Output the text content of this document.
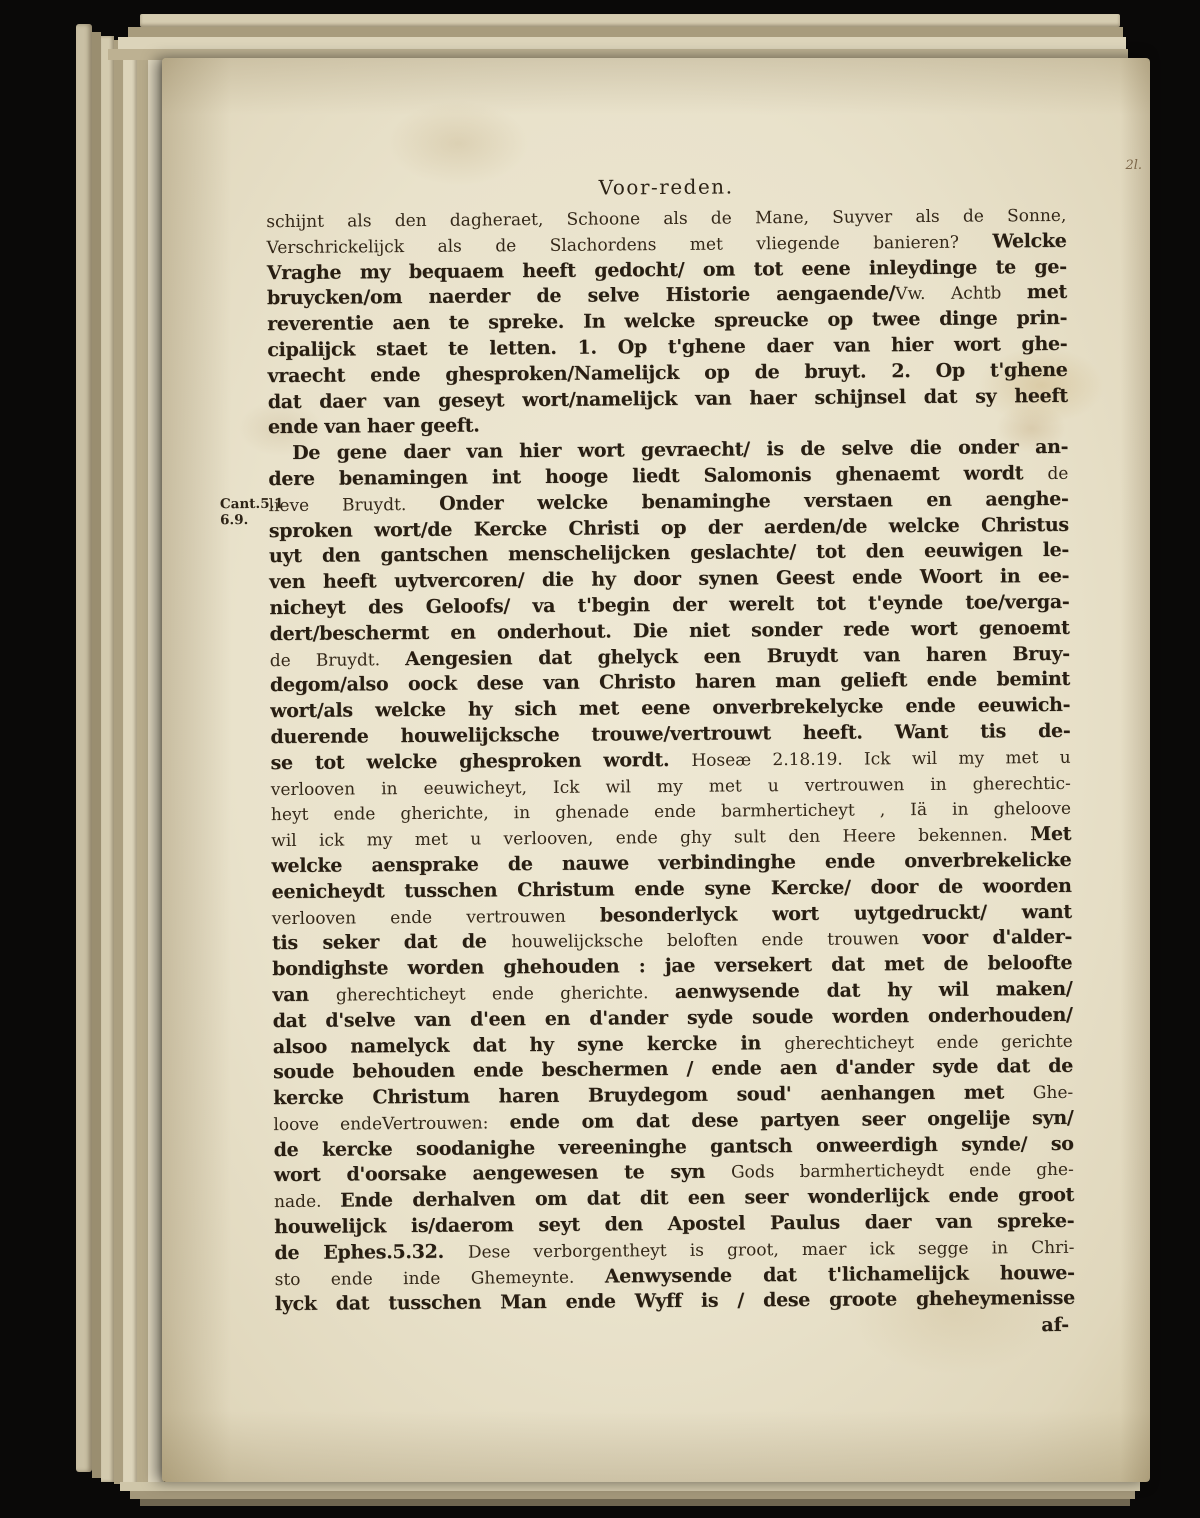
2l.
Cant.5.1
6.9.
Voor-reden.
schijnt als den dagheraet, Schoone als de Mane, Suyver als de Sonne,
Verschrickelijck als de Slachordens met vliegende banieren? Welcke
Vraghe my bequaem heeft gedocht/ om tot eene inleydinge te ge-
bruycken/om naerder de selve Historie aengaende/Vw. Achtb met
reverentie aen te spreke. In welcke spreucke op twee dinge prin-
cipalijck staet te letten. 1. Op t'ghene daer van hier wort ghe-
vraecht ende ghesproken/Namelijck op de bruyt. 2. Op t'ghene
dat daer van geseyt wort/namelijck van haer schijnsel dat sy heeft
ende van haer geeft.
De gene daer van hier wort gevraecht/ is de selve die onder an-
dere benamingen int hooge liedt Salomonis ghenaemt wordt de
lieve Bruydt. Onder welcke benaminghe verstaen en aenghe-
sproken wort/de Kercke Christi op der aerden/de welcke Christus
uyt den gantschen menschelijcken geslachte/ tot den eeuwigen le-
ven heeft uytvercoren/ die hy door synen Geest ende Woort in ee-
nicheyt des Geloofs/ va t'begin der werelt tot t'eynde toe/verga-
dert/beschermt en onderhout. Die niet sonder rede wort genoemt
de Bruydt. Aengesien dat ghelyck een Bruydt van haren Bruy-
degom/also oock dese van Christo haren man gelieft ende bemint
wort/als welcke hy sich met eene onverbrekelycke ende eeuwich-
duerende houwelijcksche trouwe/vertrouwt heeft. Want tis de-
se tot welcke ghesproken wordt. Hoseæ 2.18.19. Ick wil my met u
verlooven in eeuwicheyt, Ick wil my met u vertrouwen in gherechtic-
heyt ende gherichte, in ghenade ende barmherticheyt , Iä in gheloove
wil ick my met u verlooven, ende ghy sult den Heere bekennen. Met
welcke aensprake de nauwe verbindinghe ende onverbrekelicke
eenicheydt tusschen Christum ende syne Kercke/ door de woorden
verlooven ende vertrouwen besonderlyck wort uytgedruckt/ want
tis seker dat de houwelijcksche beloften ende trouwen voor d'alder-
bondighste worden ghehouden : jae versekert dat met de beloofte
van gherechticheyt ende gherichte. aenwysende dat hy wil maken/
dat d'selve van d'een en d'ander syde soude worden onderhouden/
alsoo namelyck dat hy syne kercke in gherechticheyt ende gerichte
soude behouden ende beschermen / ende aen d'ander syde dat de
kercke Christum haren Bruydegom soud' aenhangen met Ghe-
loove endeVertrouwen: ende om dat dese partyen seer ongelije syn/
de kercke soodanighe vereeninghe gantsch onweerdigh synde/ so
wort d'oorsake aengewesen te syn Gods barmherticheydt ende ghe-
nade. Ende derhalven om dat dit een seer wonderlijck ende groot
houwelijck is/daerom seyt den Apostel Paulus daer van spreke-
de Ephes.5.32. Dese verborgentheyt is groot, maer ick segge in Chri-
sto ende inde Ghemeynte. Aenwysende dat t'lichamelijck houwe-
lyck dat tusschen Man ende Wyff is / dese groote gheheymenisse
af-
